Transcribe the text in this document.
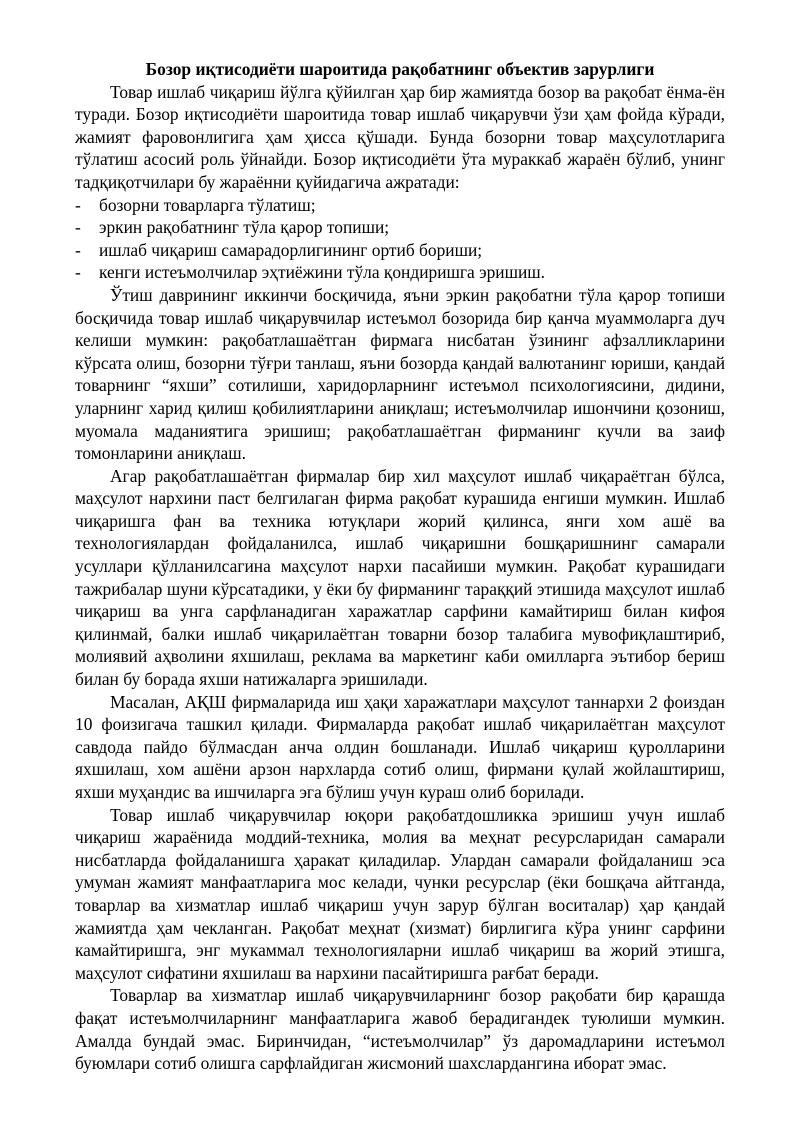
Бозор иқтисодиёти шароитида рақобатнинг объектив зарурлиги

Товар ишлаб чиқариш йўлга қўйилган ҳар бир жамиятда бозор ва рақобат ёнма-ён туради. Бозор иқтисодиёти шароитида товар ишлаб чиқарувчи ўзи ҳам фойда кўради, жамият фаровонлигига ҳам ҳисса қўшади. Бунда бозорни товар маҳсулотларига тўлатиш асосий роль ўйнайди. Бозор иқтисодиёти ўта мураккаб жараён бўлиб, унинг тадқиқотчилари бу жараённи қуйидагича ажратади:

-	бозорни товарларга тўлатиш;
-	эркин рақобатнинг тўла қарор топиши;
-	ишлаб чиқариш самарадорлигининг ортиб бориши;
-	кенги истеъмолчилар эҳтиёжини тўла қондиришга эришиш.

Ўтиш даврининг иккинчи босқичида, яъни эркин рақобатни тўла қарор топиши босқичида товар ишлаб чиқарувчилар истеъмол бозорида бир қанча муаммоларга дуч келиши мумкин: рақобатлашаётган фирмага нисбатан ўзининг афзалликларини кўрсата олиш, бозорни тўғри танлаш, яъни бозорда қандай валютанинг юриши, қандай товарнинг “яхши” сотилиши, харидорларнинг истеъмол психологиясини, дидини, уларнинг харид қилиш қобилиятларини аниқлаш; истеъмолчилар ишончини қозониш, муомала маданиятига эришиш; рақобатлашаётган фирманинг кучли ва заиф томонларини аниқлаш.

Агар рақобатлашаётган фирмалар бир хил маҳсулот ишлаб чиқараётган бўлса, маҳсулот нархини паст белгилаган фирма рақобат курашида енгиши мумкин. Ишлаб чиқаришга фан ва техника ютуқлари жорий қилинса, янги хом ашё ва технологиялардан фойдаланилса, ишлаб чиқаришни бошқаришнинг самарали усуллари қўлланилсагина маҳсулот нархи пасайиши мумкин. Рақобат курашидаги тажрибалар шуни кўрсатадики, у ёки бу фирманинг тараққий этишида маҳсулот ишлаб чиқариш ва унга сарфланадиган харажатлар сарфини камайтириш билан кифоя қилинмай, балки ишлаб чиқарилаётган товарни бозор талабига мувофиқлаштириб, молиявий аҳволини яхшилаш, реклама ва маркетинг каби омилларга эътибор бериш билан бу борада яхши натижаларга эришилади.

Масалан, АҚШ фирмаларида иш ҳақи харажатлари маҳсулот таннархи 2 фоиздан 10 фоизигача ташкил қилади. Фирмаларда рақобат ишлаб чиқарилаётган маҳсулот савдода пайдо бўлмасдан анча олдин бошланади. Ишлаб чиқариш қуролларини яхшилаш, хом ашёни арзон нархларда сотиб олиш, фирмани қулай жойлаштириш, яхши муҳандис ва ишчиларга эга бўлиш учун кураш олиб борилади.

Товар ишлаб чиқарувчилар юқори рақобатдошликка эришиш учун ишлаб чиқариш жараёнида моддий-техника, молия ва меҳнат ресурсларидан самарали нисбатларда фойдаланишга ҳаракат қиладилар. Улардан самарали фойдаланиш эса умуман жамият манфаатларига мос келади, чунки ресурслар (ёки бошқача айтганда, товарлар ва хизматлар ишлаб чиқариш учун зарур бўлган воситалар) ҳар қандай жамиятда ҳам чекланган. Рақобат меҳнат (хизмат) бирлигига кўра унинг сарфини камайтиришга, энг мукаммал технологияларни ишлаб чиқариш ва жорий этишга, маҳсулот сифатини яхшилаш ва нархини пасайтиришга рағбат беради.

Товарлар ва хизматлар ишлаб чиқарувчиларнинг бозор рақобати бир қарашда фақат истеъмолчиларнинг манфаатларига жавоб берадигандек туюлиши мумкин. Амалда бундай эмас. Биринчидан, “истеъмолчилар” ўз даромадларини истеъмол буюмлари сотиб олишга сарфлайдиган жисмоний шахслардангина иборат эмас.
